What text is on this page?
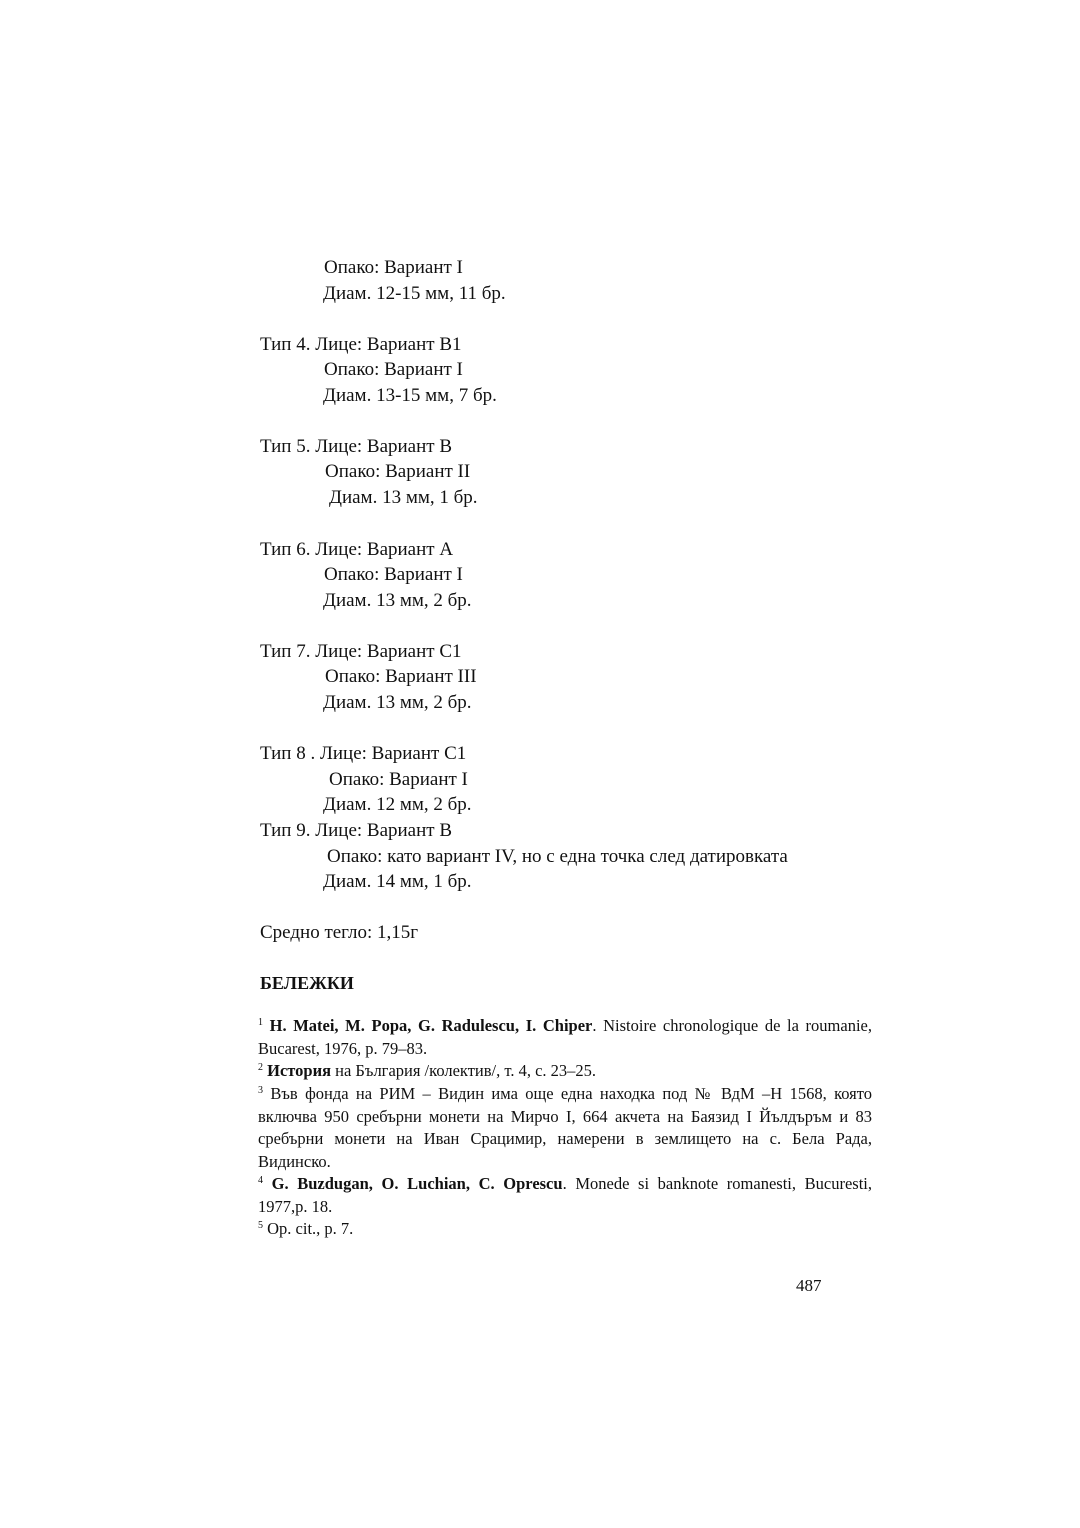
Опако: Вариант I
Диам. 12-15 мм, 11 бр.
Тип 4. Лице: Вариант В1
Опако: Вариант I
Диам. 13-15 мм, 7 бр.
Тип 5. Лице: Вариант В
Опако: Вариант II
Диам. 13 мм, 1 бр.
Тип 6. Лице: Вариант А
Опако: Вариант I
Диам. 13 мм, 2 бр.
Тип 7. Лице: Вариант С1
Опако: Вариант III
Диам. 13 мм, 2 бр.
Тип 8 . Лице: Вариант С1
Опако: Вариант I
Диам. 12 мм, 2 бр.
Тип 9. Лице: Вариант В
Опако: като вариант IV, но с една точка след датировката
Диам. 14 мм, 1 бр.
Средно тегло: 1,15г
БЕЛЕЖКИ
$^1$ H. Matei, M. Popa, G. Radulescu, I. Chiper. Nistoire chronologique de la roumanie, Bucarest, 1976, p. 79–83.
$^2$ История на България /колектив/, т. 4, с. 23–25.
$^3$ Във фонда на РИМ – Видин има още една находка под № ВдМ –Н 1568, която включва 950 сребърни монети на Мирчо I, 664 акчета на Баязид I Йълдъръм и 83 сребърни монети на Иван Срацимир, намерени в землището на с. Бела Рада, Видинско.
$^4$ G. Buzdugan, O. Luchian, C. Oprescu. Monede si banknote romanesti, Bucuresti, 1977,p. 18.
$^5$ Op. cit., p. 7.
487
